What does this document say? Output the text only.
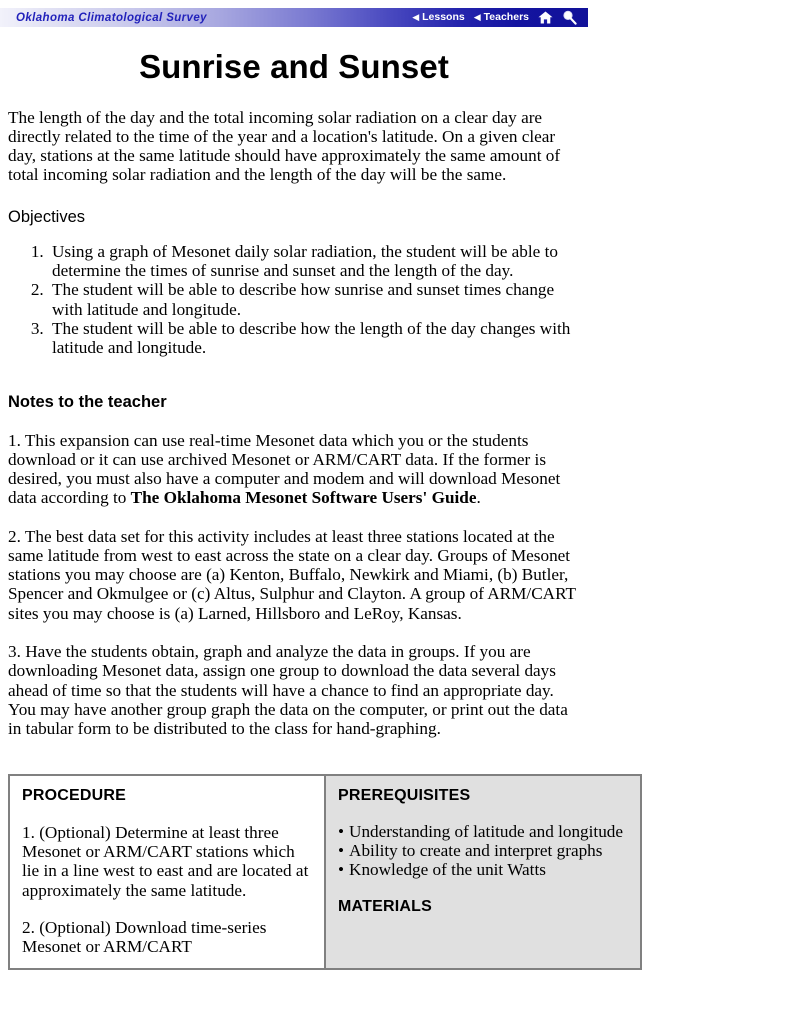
Oklahoma Climatological Survey	◀ Lessons ◀ Teachers
Sunrise and Sunset

The length of the day and the total incoming solar radiation on a clear day are directly related to the time of the year and a location's latitude. On a given clear day, stations at the same latitude should have approximately the same amount of total incoming solar radiation and the length of the day will be the same.

Objectives
1. Using a graph of Mesonet daily solar radiation, the student will be able to determine the times of sunrise and sunset and the length of the day.
2. The student will be able to describe how sunrise and sunset times change with latitude and longitude.
3. The student will be able to describe how the length of the day changes with latitude and longitude.
Notes to the teacher

1. This expansion can use real-time Mesonet data which you or the students download or it can use archived Mesonet or ARM/CART data. If the former is desired, you must also have a computer and modem and will download Mesonet data according to The Oklahoma Mesonet Software Users' Guide.

2. The best data set for this activity includes at least three stations located at the same latitude from west to east across the state on a clear day. Groups of Mesonet stations you may choose are (a) Kenton, Buffalo, Newkirk and Miami, (b) Butler, Spencer and Okmulgee or (c) Altus, Sulphur and Clayton. A group of ARM/CART sites you may choose is (a) Larned, Hillsboro and LeRoy, Kansas.

3. Have the students obtain, graph and analyze the data in groups. If you are downloading Mesonet data, assign one group to download the data several days ahead of time so that the students will have a chance to find an appropriate day. You may have another group graph the data on the computer, or print out the data in tabular form to be distributed to the class for hand-graphing.

PROCEDURE

1. (Optional) Determine at least three Mesonet or ARM/CART stations which lie in a line west to east and are located at approximately the same latitude.

2. (Optional) Download time-series Mesonet or ARM/CART

PREREQUISITES
• Understanding of latitude and longitude
• Ability to create and interpret graphs
• Knowledge of the unit Watts
MATERIALS
